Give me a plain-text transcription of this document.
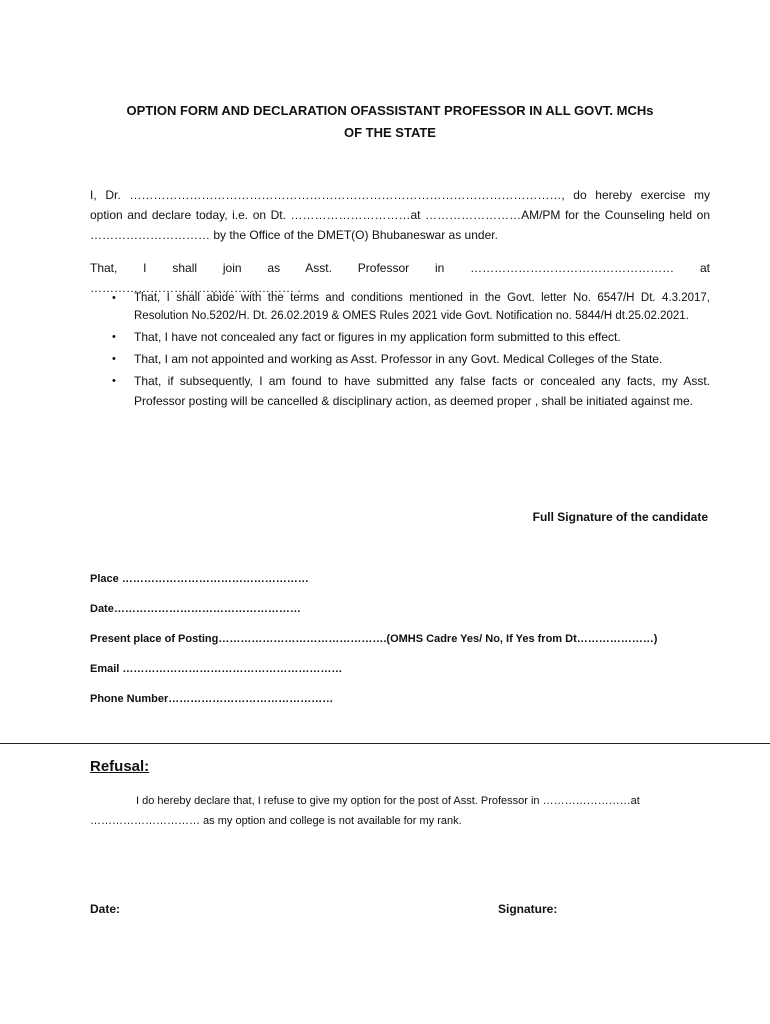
OPTION FORM AND DECLARATION OFASSISTANT PROFESSOR IN ALL GOVT. MCHs
OF THE STATE
I, Dr. ………………………………………………………………………………………………, do hereby exercise my option and declare today, i.e. on Dt. …………………………at ……………………AM/PM for the Counseling held on ………………………… by the Office of the DMET(O) Bhubaneswar as under.
That, I shall join as Asst. Professor in …………………………………………… at …………………………………………… .
• That, I shall abide with the terms and conditions mentioned in the Govt. letter No. 6547/H Dt. 4.3.2017, Resolution No.5202/H. Dt. 26.02.2019 & OMES Rules 2021 vide Govt. Notification no. 5844/H dt.25.02.2021.
• That, I have not concealed any fact or figures in my application form submitted to this effect.
• That, I am not appointed and working as Asst. Professor in any Govt. Medical Colleges of the State.
• That, if subsequently, I am found to have submitted any false facts or concealed any facts, my Asst. Professor posting will be cancelled & disciplinary action, as deemed proper , shall be initiated against me.
Full Signature of the candidate
Place ……………………………………………
Date……………………………………………
Present place of Posting……………………………………….(OMHS Cadre Yes/ No, If Yes from Dt…………………)
Email ……………………………………………………
Phone Number………………………………………
Refusal:
I do hereby declare that, I refuse to give my option for the post of Asst. Professor in ……………………at ………………………… as my option and college is not available for my rank.
Date:	Signature:
